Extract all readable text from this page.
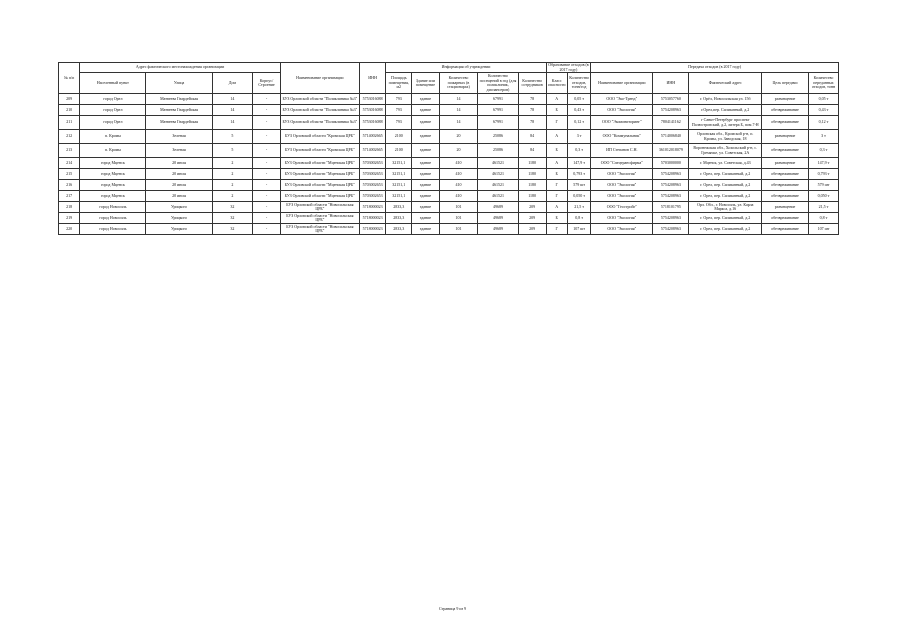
№ п/п	Адрес фактического местонахождения организации				Наименование организации	ИНН	Информация об учреждении					Образование отходов (в 2017 году)		Передача отходов (в 2017 году)				
	Населенный пункт	Улица	Дом	Корпус/Строение			Площадь помещения, м2	Здание или помещение	Количество пожарных (в стационарах)	Количество посещений в год (для поликлиник, диспансеров)	Количество сотрудников	Класс опасности	Количество отходов, тонн/год	Наименование организации	ИНН	Фактический адрес	Цель передачи	Количество переданных отходов, тонн
209	город Орел	Матвеева Гвардейская	14	-	БУЗ Орловской области "Поликлиника №3"	5753016088	793	здание	14	67991	78	А	0,05 т	ООО "Эко-Тренд"	5753057760	г. Орёл, Новосильская ул. 15б	размещение	0,05 т
210	город Орел	Матвеева Гвардейская	14	-	БУЗ Орловской области "Поликлиника №3"	5753016088	793	здание	14	67991	78	Б	0,43 т	ООО "Экология"	5754208963	г.Орел,пер. Силикатный, д.2	обезвреживание	0,43 т
211	город Орел	Матвеева Гвардейская	14	-	БУЗ Орловской области "Поликлиника №3"	5753016088	793	здание	14	67991	78	Г	0,12 т	ООО "Экомониторинг"	7804141162	г Санкт-Петербург проспект Полюстровский, д.2, литера Б, пом.7-Н	обезвреживание	0,12 т
212	п. Кромы	Зеленая	5	-	БУЗ Орловской области "Кромская ЦРБ"	5714002665	2100	здание	20	25086	84	А	3 т	ООО "Коммунальник"	5714006840	Орловская обл., Кромской р-н, п. Кромы, ул. Заводская, 18	размещение	3 т
213	п. Кромы	Зеленая	5	-	БУЗ Орловской области "Кромская ЦРБ"	5714002665	2100	здание	20	25086	84	Б	0,3 т	ИП Степанов С.Н.	361012018079	Воронежская обл., Хохольский р-н, с. Гремячье, ул. Советская, 2А	обезвреживание	0,3 т
214	город Мценск	20 июля	2	-	БУЗ Орловской области "Мценская ЦРБ"	5703002653	32151,1	здание	410	461521	1180	А	147,9 т	ООО "Спецтрансфирма"	5703000000	г. Мценск, ул. Советская, д.43	размещение	147,9 т
215	город Мценск	20 июля	2	-	БУЗ Орловской области "Мценская ЦРБ"	5703002653	32151,1	здание	410	461521	1180	Б	0,793 т	ООО "Экология"	5754208963	г. Орел, пер. Силикатный, д.2	обезвреживание	0,793 т
216	город Мценск	20 июля	2	-	БУЗ Орловской области "Мценская ЦРБ"	5703002653	32151,1	здание	410	461521	1180	Г	579 шт	ООО "Экология"	5754208963	г. Орел, пер. Силикатный, д.2	обезвреживание	579 шт
217	город Мценск	20 июля	2	-	БУЗ Орловской области "Мценская ЦРБ"	5703002653	32151,1	здание	410	461521	1180	Г	0,050 т	ООО "Экология"	5754208963	г. Орел, пер. Силикатный, д.2	обезвреживание	0,050 т
218	город Новосиль	Урицкого	32	-	БУЗ Орловской области "Новосильская ЦРБ"	5718000023	2833,3	здание	101	49689	209	А	21,5 т	ООО "Геостройг"	5718101795	Орл. Обл., г. Новосиль, ул. Карла Маркса, д.16	размещение	21,5 т
219	город Новосиль	Урицкого	32	-	БУЗ Орловской области "Новосильская ЦРБ"	5718000023	2833,3	здание	101	49689	209	Б	0,8 т	ООО "Экология"	5754208963	г. Орел, пер. Силикатный, д.2	обезвреживание	0,8 т
220	город Новосиль	Урицкого	32	-	БУЗ Орловской области "Новосильская ЦРБ"	5718000023	2833,3	здание	101	49689	209	Г	107 шт	ООО "Экология"	5754208963	г. Орел, пер. Силикатный, д.2	обезвреживание	107 шт
Страница 9 из 9
